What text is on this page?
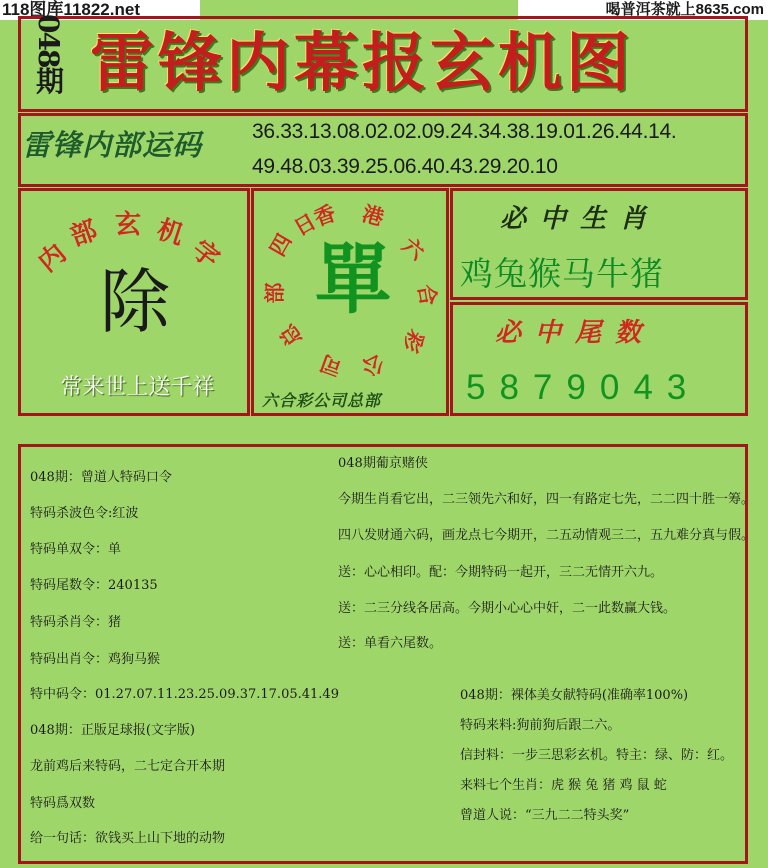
118图库11822.net	喝普洱茶就上8635.com
048期 雷锋内幕报玄机图
雷锋内部运码	36.33.13.08.02.02.09.24.34.38.19.01.26.44.14.
49.48.03.39.25.06.40.43.29.20.10
内
部 玄 机
字
除
常来世上送千祥
香 港
六
合
彩
公
司
总
部
四
日
單
六合彩公司总部
必中生肖
鸡兔猴马牛猪
必中尾数
5879043
048期：曾道人特码口令
特码杀波色令:红波
特码单双令：单
特码尾数令：240135
特码杀肖令：猪
特码出肖令：鸡狗马猴
特中码令：01.27.07.11.23.25.09.37.17.05.41.49
048期：正版足球报(文字版)
龙前鸡后来特码，二七定合开本期
特码爲双数
给一句话：欲钱买上山下地的动物
048期葡京赌侠
今期生肖看它出，二三领先六和好，四一有路定七先，二二四十胜一筹。
四八发财通六码，画龙点七今期开，二五动情观三二，五九难分真与假。
送：心心相印。配：今期特码一起开，三二无情开六九。
送：二三分线各居高。今期小心心中奸，二一此数赢大钱。
送：单看六尾数。
048期：裸体美女献特码(准确率100%)
特码来料:狗前狗后跟二六。
信封料：一步三思彩玄机。特主：绿、防：红。
来料七个生肖：虎 猴 兔 猪 鸡 鼠 蛇
曾道人说：“三九二二特头奖”
